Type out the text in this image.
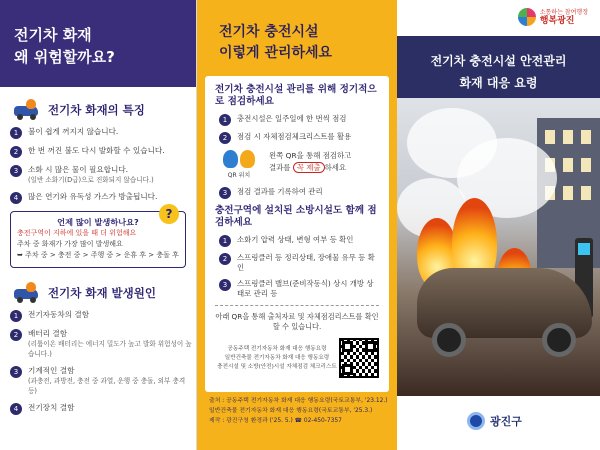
전기차 화재
왜 위험할까요?
전기차 화재의 특징
1	불이 쉽게 꺼지지 않습니다.
2	한 번 꺼진 불도 다시 발화할 수 있습니다.
3	소화 시 많은 물이 필요합니다.
(일반 소화기(D급)으로 진화되지 않습니다.)
4	많은 연기와 유독성 가스가 방출됩니다.
?
언제 많이 발생하나요?
충전구역이 지하에 있을 때 더 위험해요
주차 중 화재가 가장 많이 발생해요
➥ 주차 중 > 충전 중 > 주행 중 > 운휴 후 > 충돌 후
전기차 화재 발생원인
1	전기자동차의 결함
2	배터리 결함
(리튬이온 배터리는 에너지 밀도가 높고 발화 위험성이 높습니다.)
3	기계적인 결함
(과충전, 과방전, 충전 중 과열, 운행 중 충돌, 외부 충격 등)
4	전기장치 결함
전기차 충전시설
이렇게 관리하세요
전기차 충전시설 관리를 위해 정기적으로 점검하세요
1	충전시설은 일주일에 한 번씩 점검
2	점검 시 자체점검체크리스트를 활용
QR 위치
왼쪽 QR을 통해 점검하고
결과를 꼭 제출 하세요
3	점검 결과를 기록하여 관리
충전구역에 설치된 소방시설도 함께 점검하세요
1	소화기 압력 상태, 변형 여부 등 확인
2	스프링클러 등 정리상태, 장애물 유무 등 확인
3	스프링클러 밸브(준비작동식) 상시 개방 상태로 관리 등
아래 QR을 통해 출처자료 및 자체점검리스트를 확인할 수 있습니다.
공동주택 전기자동차 화재 대응 행동요령
일반건축물 전기자동차 화재 대응 행동요령
충전시설 및 소방(안전)시설 자체점검 체크리스트
출처 : 공동주택 전기자동차 화재 대응 행동요령(국토교통부, '23.12.)
일반건축물 전기자동차 화재 대응 행동요령(국토교통부, '25.3.)
제작 : 광진구청 환경과 ('25. 5.) ☎ 02-450-7357
소통하는 참여행정
행복광진
전기차 충전시설 안전관리
화재 대응 요령
광진구
